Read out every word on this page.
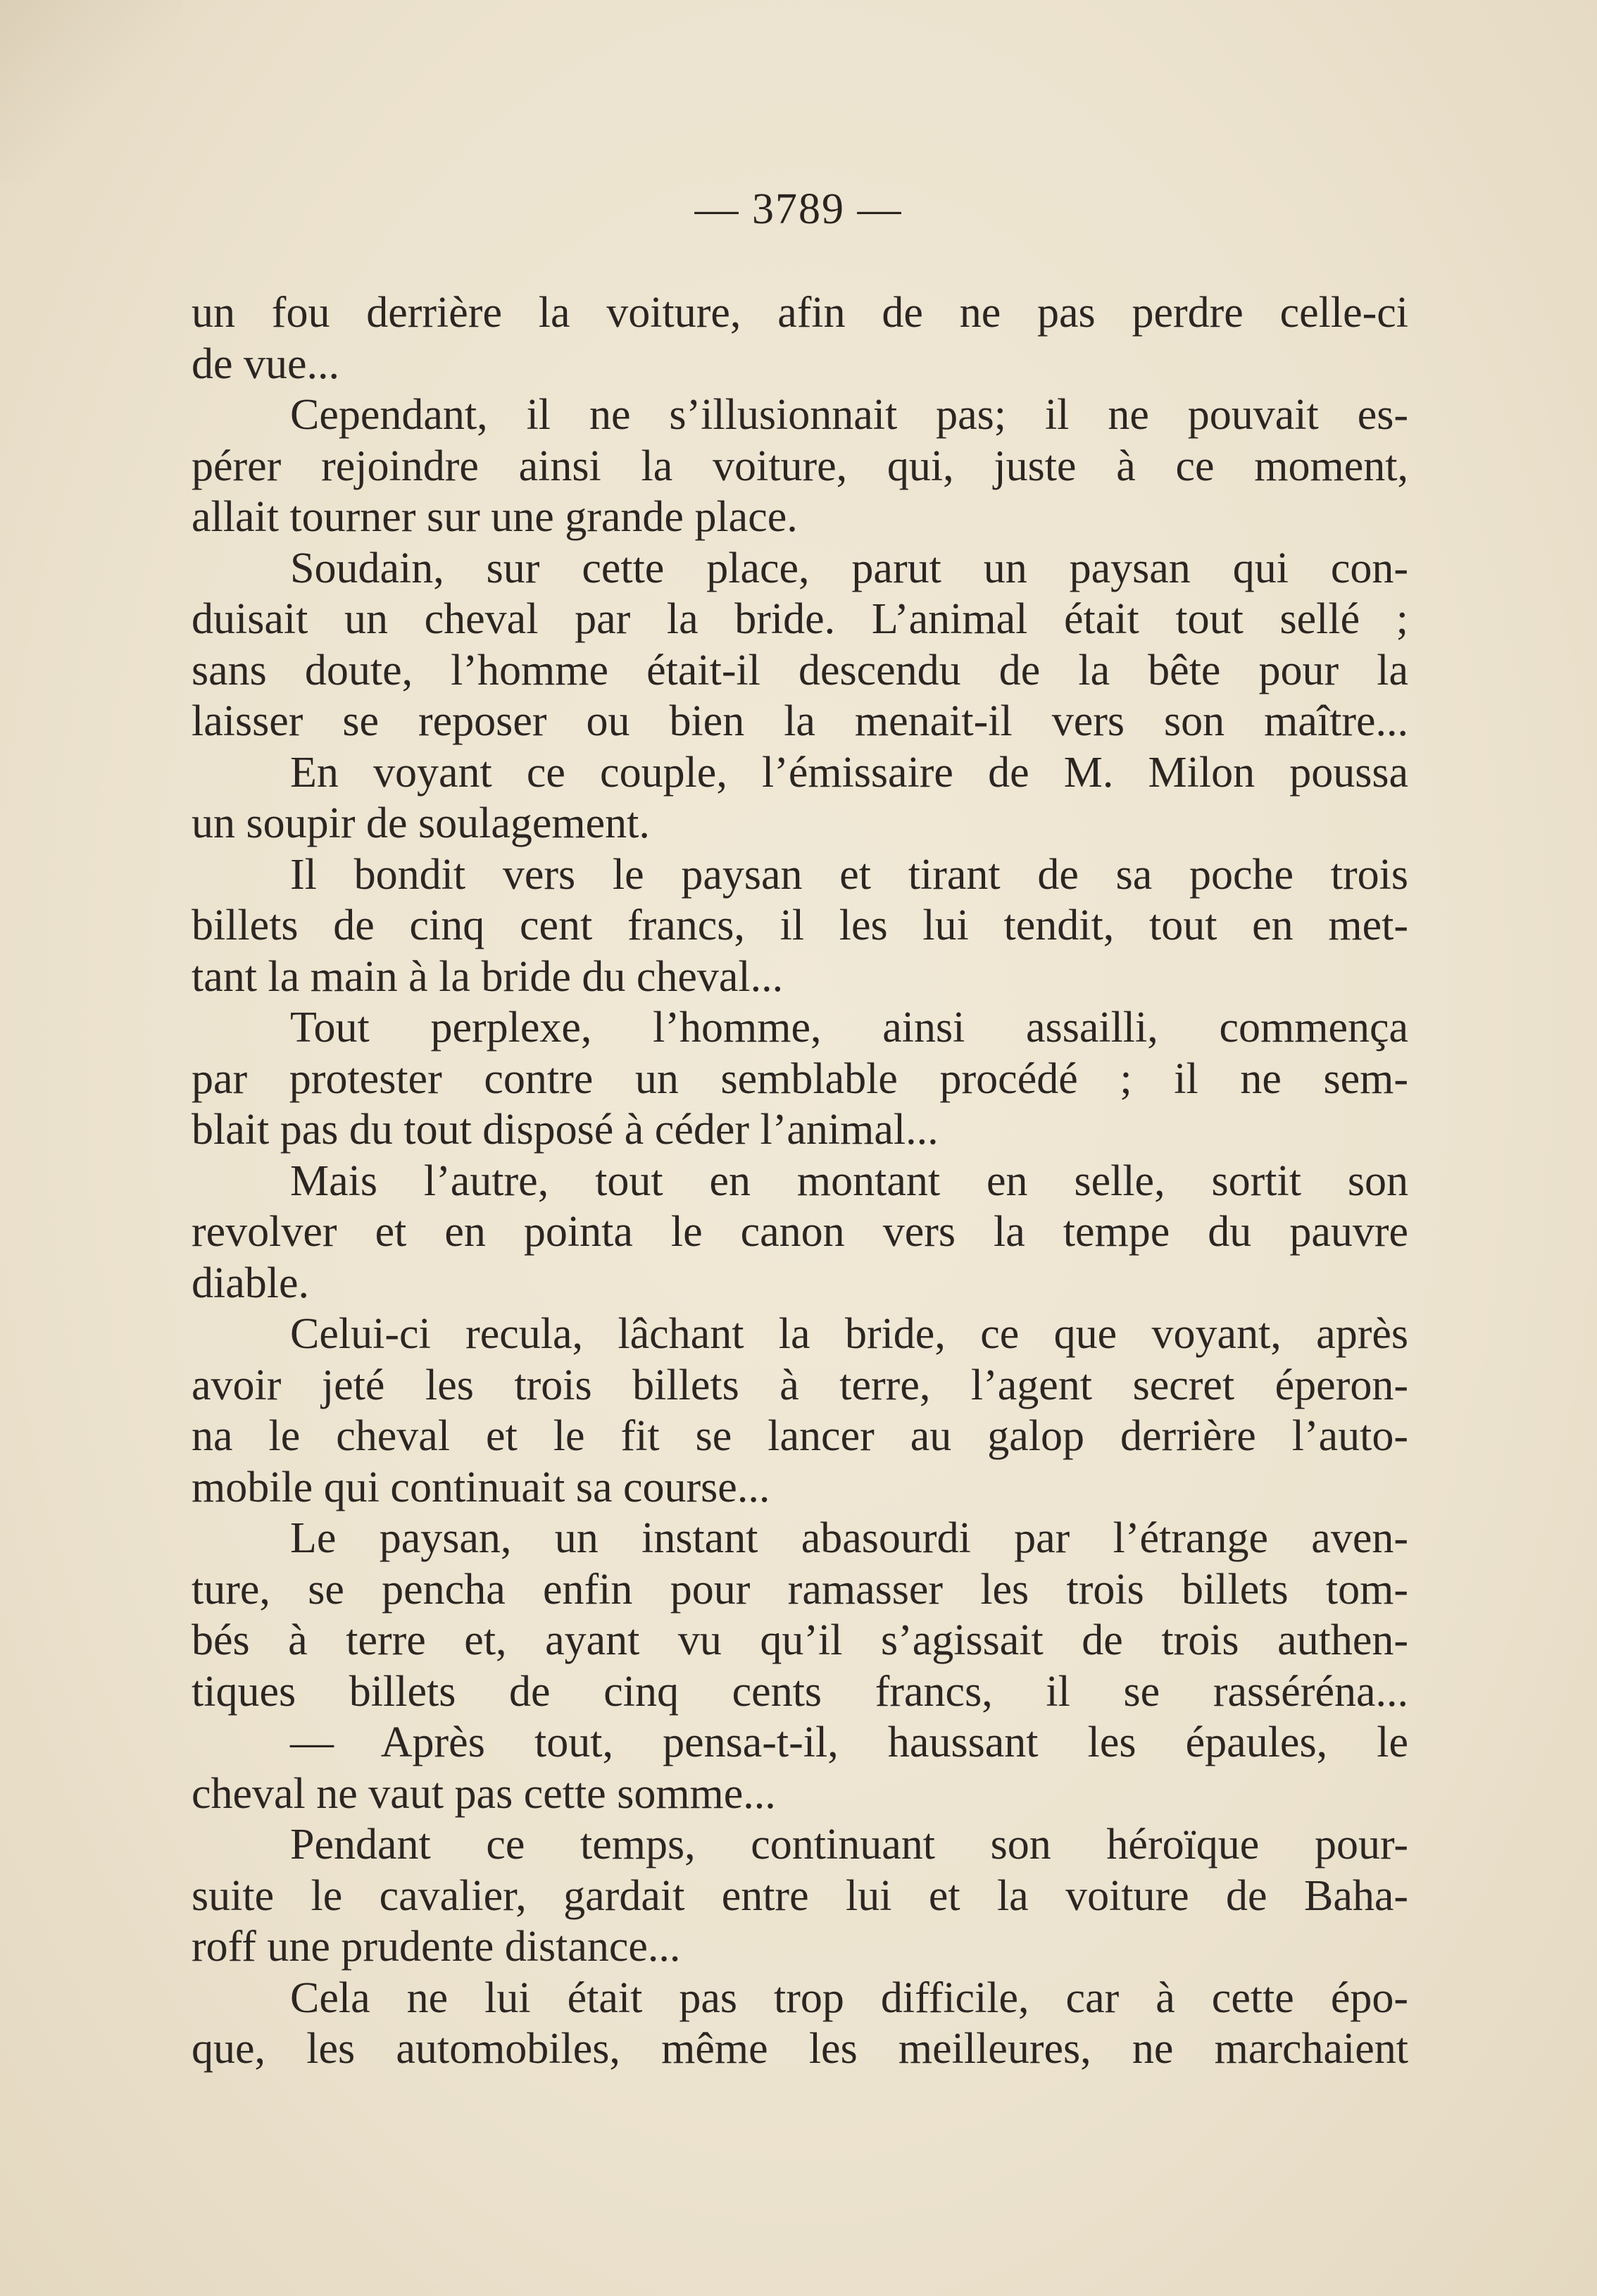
— 3789 —
un fou derrière la voiture, afin de ne pas perdre celle-ci
de vue...
Cependant, il ne s’illusionnait pas; il ne pouvait es-
pérer rejoindre ainsi la voiture, qui, juste à ce moment,
allait tourner sur une grande place.
Soudain, sur cette place, parut un paysan qui con-
duisait un cheval par la bride. L’animal était tout sellé ;
sans doute, l’homme était-il descendu de la bête pour la
laisser se reposer ou bien la menait-il vers son maître...
En voyant ce couple, l’émissaire de M. Milon poussa
un soupir de soulagement.
Il bondit vers le paysan et tirant de sa poche trois
billets de cinq cent francs, il les lui tendit, tout en met-
tant la main à la bride du cheval...
Tout perplexe, l’homme, ainsi assailli, commença
par protester contre un semblable procédé ; il ne sem-
blait pas du tout disposé à céder l’animal...
Mais l’autre, tout en montant en selle, sortit son
revolver et en pointa le canon vers la tempe du pauvre
diable.
Celui-ci recula, lâchant la bride, ce que voyant, après
avoir jeté les trois billets à terre, l’agent secret éperon-
na le cheval et le fit se lancer au galop derrière l’auto-
mobile qui continuait sa course...
Le paysan, un instant abasourdi par l’étrange aven-
ture, se pencha enfin pour ramasser les trois billets tom-
bés à terre et, ayant vu qu’il s’agissait de trois authen-
tiques billets de cinq cents francs, il se rasséréna...
— Après tout, pensa-t-il, haussant les épaules, le
cheval ne vaut pas cette somme...
Pendant ce temps, continuant son héroïque pour-
suite le cavalier, gardait entre lui et la voiture de Baha-
roff une prudente distance...
Cela ne lui était pas trop difficile, car à cette épo-
que, les automobiles, même les meilleures, ne marchaient
